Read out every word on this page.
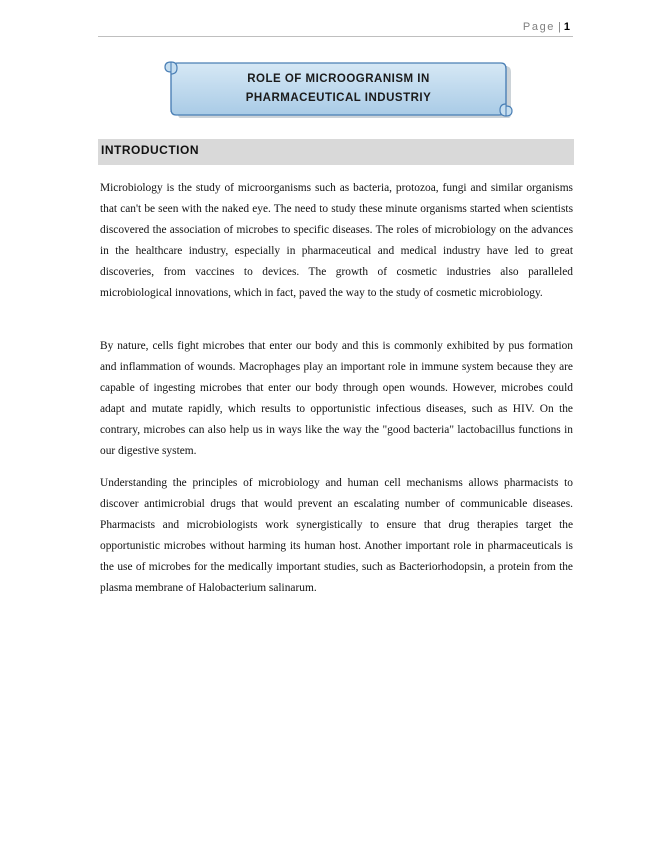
Page | 1
ROLE OF MICROOGRANISM IN
PHARMACEUTICAL INDUSTRIY
INTRODUCTION

Microbiology is the study of microorganisms such as bacteria, protozoa, fungi and similar organisms that can't be seen with the naked eye. The need to study these minute organisms started when scientists discovered the association of microbes to specific diseases. The roles of microbiology on the advances in the healthcare industry, especially in pharmaceutical and medical industry have led to great discoveries, from vaccines to devices. The growth of cosmetic industries also paralleled microbiological innovations, which in fact, paved the way to the study of cosmetic microbiology.

By nature, cells fight microbes that enter our body and this is commonly exhibited by pus formation and inflammation of wounds. Macrophages play an important role in immune system because they are capable of ingesting microbes that enter our body through open wounds. However, microbes could adapt and mutate rapidly, which results to opportunistic infectious diseases, such as HIV. On the contrary, microbes can also help us in ways like the way the "good bacteria" lactobacillus functions in our digestive system.

Understanding the principles of microbiology and human cell mechanisms allows pharmacists to discover antimicrobial drugs that would prevent an escalating number of communicable diseases. Pharmacists and microbiologists work synergistically to ensure that drug therapies target the opportunistic microbes without harming its human host. Another important role in pharmaceuticals is the use of microbes for the medically important studies, such as Bacteriorhodopsin, a protein from the plasma membrane of Halobacterium salinarum.
